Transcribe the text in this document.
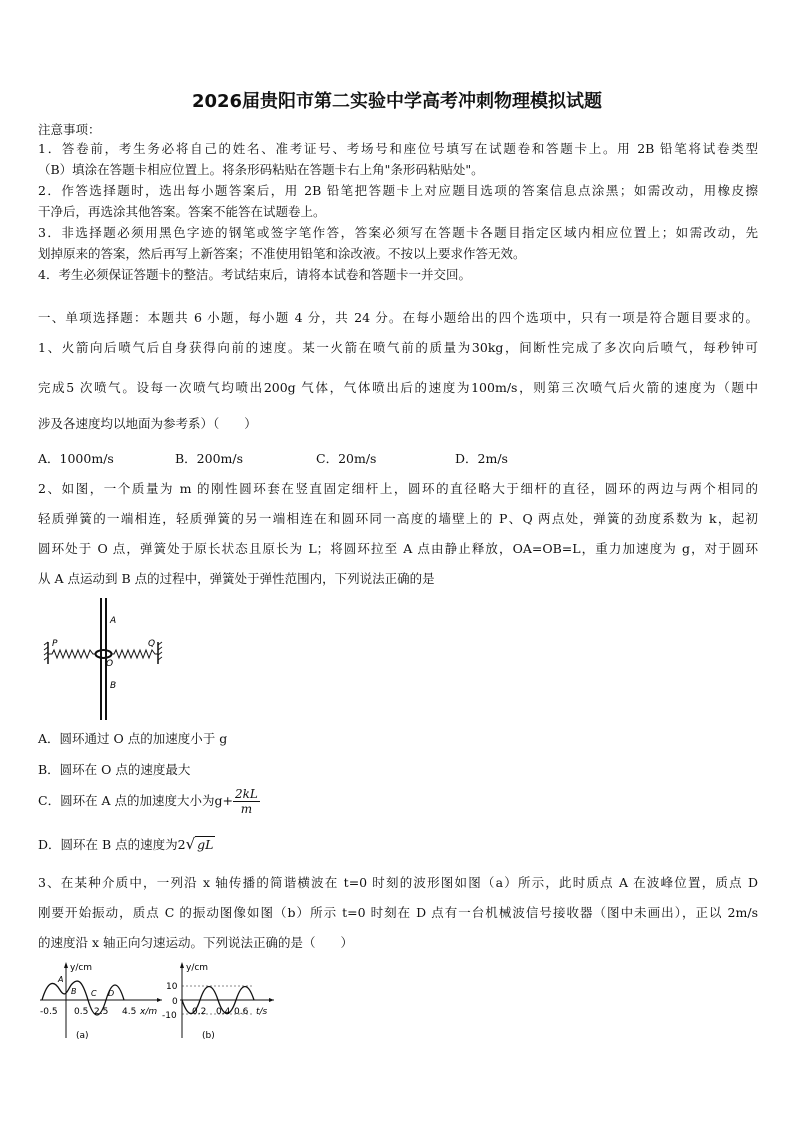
2026届贵阳市第二实验中学高考冲刺物理模拟试题
注意事项：
1．答卷前，考生务必将自己的姓名、准考证号、考场号和座位号填写在试题卷和答题卡上。用 2B 铅笔将试卷类型
（B）填涂在答题卡相应位置上。将条形码粘贴在答题卡右上角"条形码粘贴处"。
2．作答选择题时，选出每小题答案后，用 2B 铅笔把答题卡上对应题目选项的答案信息点涂黑；如需改动，用橡皮擦
干净后，再选涂其他答案。答案不能答在试题卷上。
3．非选择题必须用黑色字迹的钢笔或签字笔作答，答案必须写在答题卡各题目指定区域内相应位置上；如需改动，先
划掉原来的答案，然后再写上新答案；不准使用铅笔和涂改液。不按以上要求作答无效。
4．考生必须保证答题卡的整洁。考试结束后，请将本试卷和答题卡一并交回。
一、单项选择题：本题共 6 小题，每小题 4 分，共 24 分。在每小题给出的四个选项中，只有一项是符合题目要求的。
1、火箭向后喷气后自身获得向前的速度。某一火箭在喷气前的质量为30kg，间断性完成了多次向后喷气，每秒钟可
完成5 次喷气。设每一次喷气均喷出200g 气体，气体喷出后的速度为100m/s，则第三次喷气后火箭的速度为（题中
涉及各速度均以地面为参考系）（　　）
A．1000m/s	B．200m/s	C．20m/s	D．2m/s
2、如图，一个质量为 m 的刚性圆环套在竖直固定细杆上，圆环的直径略大于细杆的直径，圆环的两边与两个相同的
轻质弹簧的一端相连，轻质弹簧的另一端相连在和圆环同一高度的墙壁上的 P、Q 两点处，弹簧的劲度系数为 k，起初
圆环处于 O 点，弹簧处于原长状态且原长为 L；将圆环拉至 A 点由静止释放，OA=OB=L，重力加速度为 g，对于圆环
从 A 点运动到 B 点的过程中，弹簧处于弹性范围内，下列说法正确的是
P	Q
A
O
B
A．圆环通过 O 点的加速度小于 g
B．圆环在 O 点的速度最大
C．圆环在 A 点的加速度大小为$g+ \frac{2kL}{m}$
D．圆环在 B 点的速度为2√ gL
3、在某种介质中，一列沿 x 轴传播的简谐横波在 t=0 时刻的波形图如图（a）所示，此时质点 A 在波峰位置，质点 D
刚要开始振动，质点 C 的振动图像如图（b）所示 t=0 时刻在 D 点有一台机械波信号接收器（图中未画出），正以 2m/s
的速度沿 x 轴正向匀速运动。下列说法正确的是（　　）
y/cm
x/m
-0.5 0.5 2.5 4.5
A
B C D
(a)
y/cm
t/s
10
0
-10 0.2 0.4 0.6
(b)
